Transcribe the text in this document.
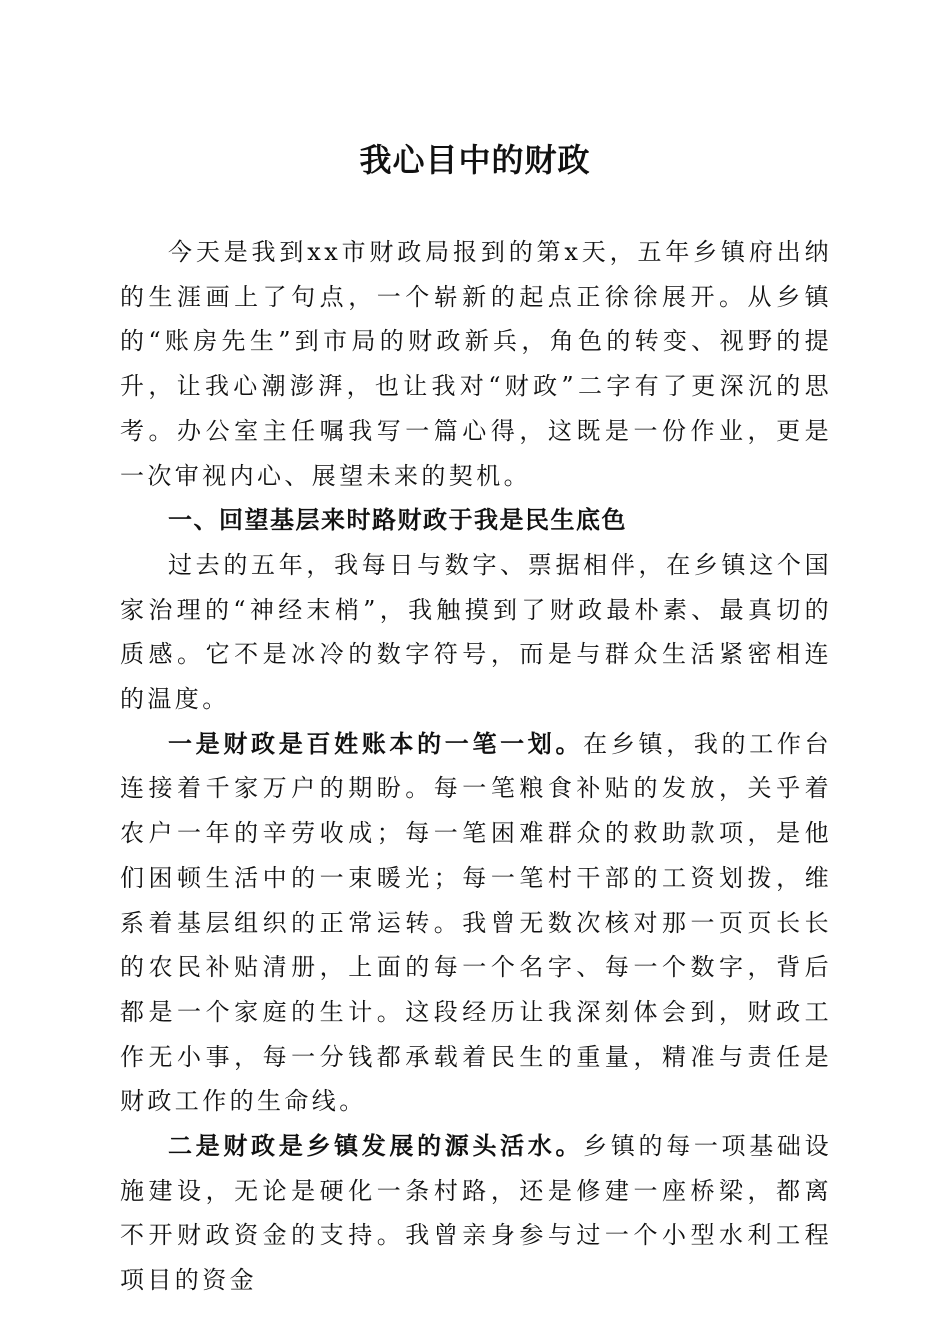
我心目中的财政

今天是我到xx市财政局报到的第x天，五年乡镇府出纳的生涯画上了句点，一个崭新的起点正徐徐展开。从乡镇的“账房先生”到市局的财政新兵，角色的转变、视野的提升，让我心潮澎湃，也让我对“财政”二字有了更深沉的思考。办公室主任嘱我写一篇心得，这既是一份作业，更是一次审视内心、展望未来的契机。

一、回望基层来时路财政于我是民生底色

过去的五年，我每日与数字、票据相伴，在乡镇这个国家治理的“神经末梢”，我触摸到了财政最朴素、最真切的质感。它不是冰冷的数字符号，而是与群众生活紧密相连的温度。

一是财政是百姓账本的一笔一划。在乡镇，我的工作台连接着千家万户的期盼。每一笔粮食补贴的发放，关乎着农户一年的辛劳收成；每一笔困难群众的救助款项，是他们困顿生活中的一束暖光；每一笔村干部的工资划拨，维系着基层组织的正常运转。我曾无数次核对那一页页长长的农民补贴清册，上面的每一个名字、每一个数字，背后都是一个家庭的生计。这段经历让我深刻体会到，财政工作无小事，每一分钱都承载着民生的重量，精准与责任是财政工作的生命线。

二是财政是乡镇发展的源头活水。乡镇的每一项基础设施建设，无论是硬化一条村路，还是修建一座桥梁，都离不开财政资金的支持。我曾亲身参与过一个小型水利工程项目的资金
